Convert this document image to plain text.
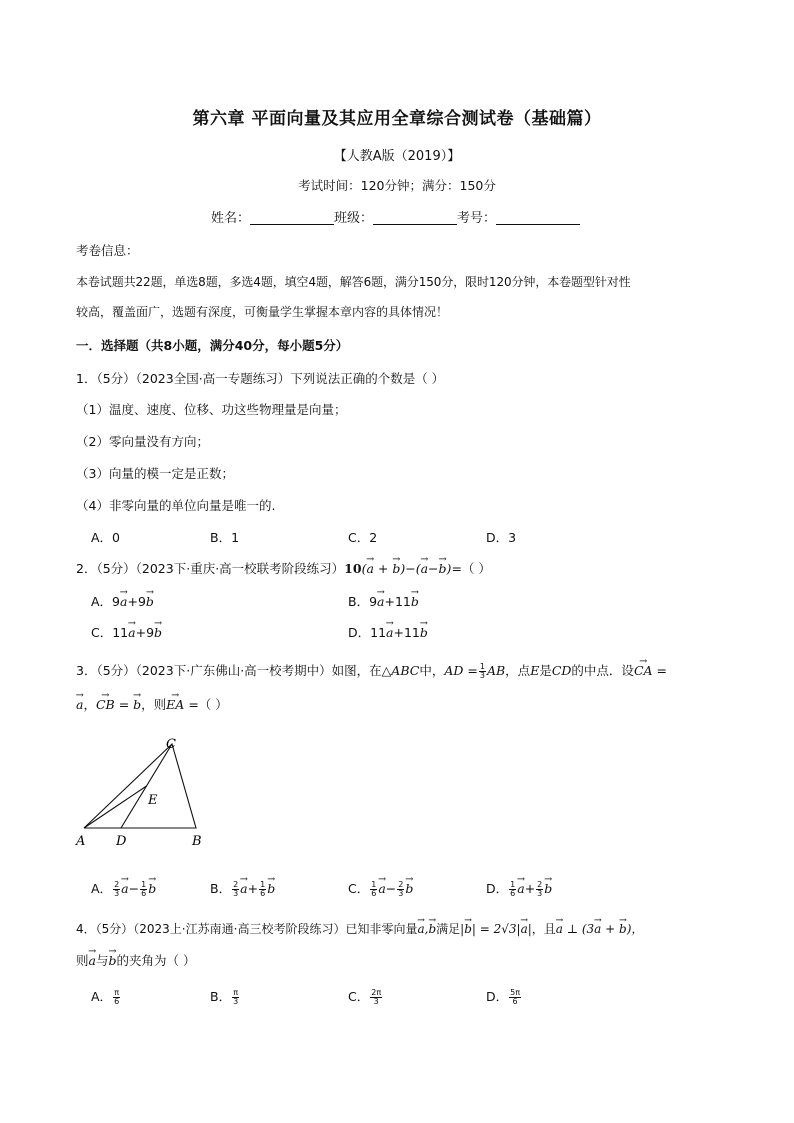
第六章 平面向量及其应用全章综合测试卷（基础篇）
【人教A版（2019）】
考试时间：120分钟；满分：150分
姓名：	班级：	考号：
考卷信息：
本卷试题共22题，单选8题，多选4题，填空4题，解答6题，满分150分，限时120分钟，本卷题型针对性
较高，覆盖面广，选题有深度，可衡量学生掌握本章内容的具体情况！
一．选择题（共8小题，满分40分，每小题5分）
1．（5分）（2023全国·高一专题练习）下列说法正确的个数是（ ）
（1）温度、速度、位移、功这些物理量是向量；
（2）零向量没有方向；
（3）向量的模一定是正数；
（4）非零向量的单位向量是唯一的.
A．0	B．1	C．2	D．3
2．（5分）（2023下·重庆·高一校联考阶段练习）10(→ a + → b)−(→ a−→ b)=（ ）
A．9→ a+9→ b	B．9→ a+11→ b
C．11→ a+9→ b	D．11→ a+11→ b
3．（5分）（2023下·广东佛山·高一校考期中）如图，在△ABC中，AD = $\frac{1}{3}$ AB，点E是CD的中点．设→ CA =
→ a，→ CB = → b，则→ EA =（ ）
C
E
A D	B
A． $\frac{2}{3}$
→ $a- \frac{1}{6}$
→ b	B． $\frac{2}{3}$
→ $a+ \frac{1}{6}$
→ b	C． $\frac{1}{6}$
→ $a- \frac{2}{3}$
→ b	D． $\frac{1}{6}$
→ $a+ \frac{2}{3}$
→ b
4．（5分）（2023上·江苏南通·高三校考阶段练习）已知非零向量→ a,→ b满足|→ b| = 2√3|→ a|，且→ a ⊥ (3→ a + → b)，
则→ a与→ b的夹角为（ ）
A． $\frac{\pi}{6}$	B． $\frac{\pi}{3}$	C． $\frac{2\pi}{3}$	D． $\frac{5\pi}{6}$
